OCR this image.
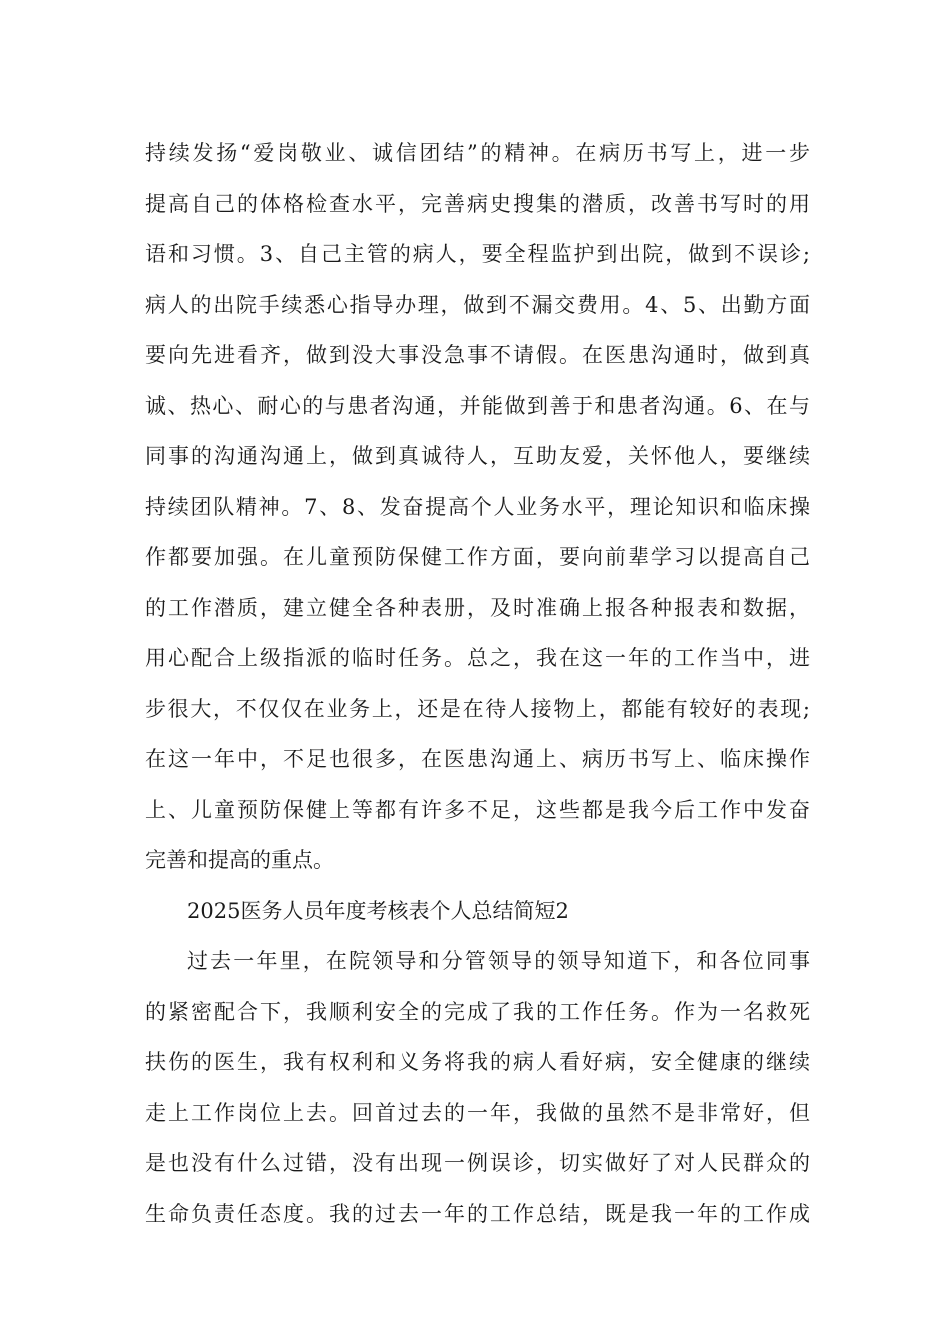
持续发扬“爱岗敬业、诚信团结”的精神。在病历书写上，进一步
提高自己的体格检查水平，完善病史搜集的潜质，改善书写时的用
语和习惯。3、自己主管的病人，要全程监护到出院，做到不误诊;
病人的出院手续悉心指导办理，做到不漏交费用。4、5、出勤方面
要向先进看齐，做到没大事没急事不请假。在医患沟通时，做到真
诚、热心、耐心的与患者沟通，并能做到善于和患者沟通。6、在与
同事的沟通沟通上，做到真诚待人，互助友爱，关怀他人，要继续
持续团队精神。7、8、发奋提高个人业务水平，理论知识和临床操
作都要加强。在儿童预防保健工作方面，要向前辈学习以提高自己
的工作潜质，建立健全各种表册，及时准确上报各种报表和数据，
用心配合上级指派的临时任务。总之，我在这一年的工作当中，进
步很大，不仅仅在业务上，还是在待人接物上，都能有较好的表现;
在这一年中，不足也很多，在医患沟通上、病历书写上、临床操作
上、儿童预防保健上等都有许多不足，这些都是我今后工作中发奋
完善和提高的重点。
2025医务人员年度考核表个人总结简短2
过去一年里，在院领导和分管领导的领导知道下，和各位同事
的紧密配合下，我顺利安全的完成了我的工作任务。作为一名救死
扶伤的医生，我有权利和义务将我的病人看好病，安全健康的继续
走上工作岗位上去。回首过去的一年，我做的虽然不是非常好，但
是也没有什么过错，没有出现一例误诊，切实做好了对人民群众的
生命负责任态度。我的过去一年的工作总结，既是我一年的工作成
